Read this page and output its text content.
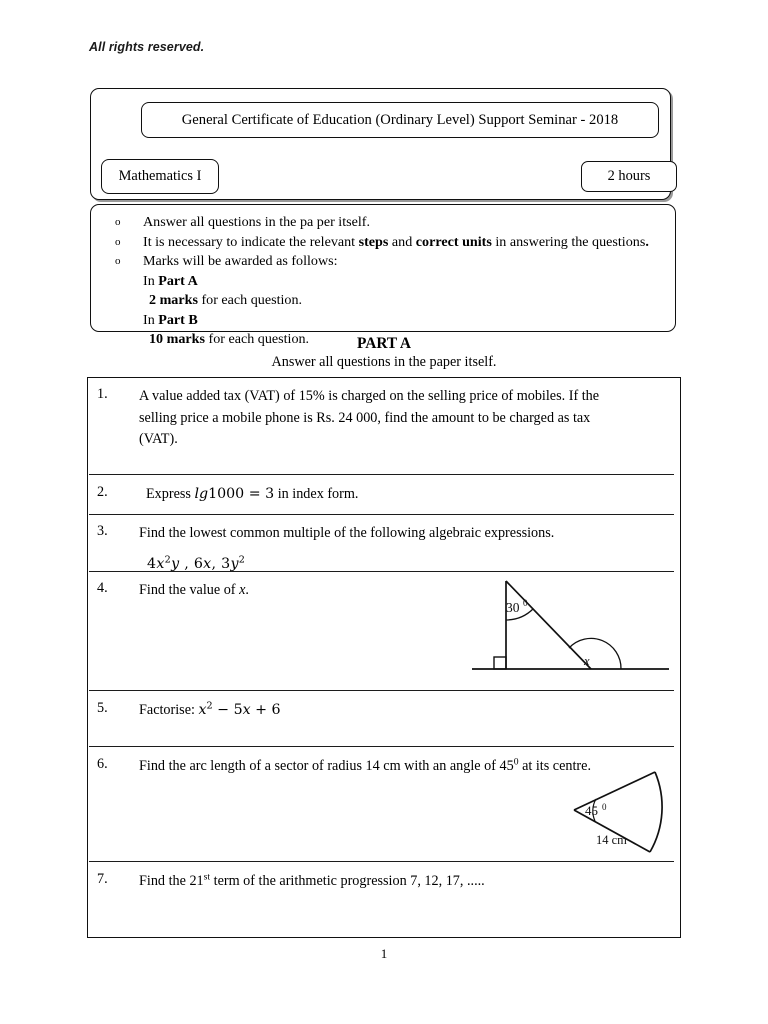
All rights reserved.
General Certificate of Education (Ordinary Level) Support Seminar - 2018
Mathematics I	2 hours
o	Answer all questions in the pa per itself.
o	It is necessary to indicate the relevant steps and correct units in answering the questions.
o	Marks will be awarded as follows:
In Part A
2 marks for each question.
In Part B
10 marks for each question.	PART A
Answer all questions in the paper itself.
1. A value added tax (VAT) of 15% is charged on the selling price of mobiles. If the
selling price a mobile phone is Rs. 24 000, find the amount to be charged as tax
(VAT).
2.	Express lg1000 = 3 in index form.
3. Find the lowest common multiple of the following algebraic expressions.
$4x^2y$ , 6x, $3y^2$
4. Find the value of x.
30 0
x
5. Factorise: $x^2 - 5x + 6$
6. Find the arc length of a sector of radius 14 cm with an angle of $45^0$ at its centre.
45 0
14 cm
7. Find the 21st term of the arithmetic progression 7, 12, 17, .....
1
